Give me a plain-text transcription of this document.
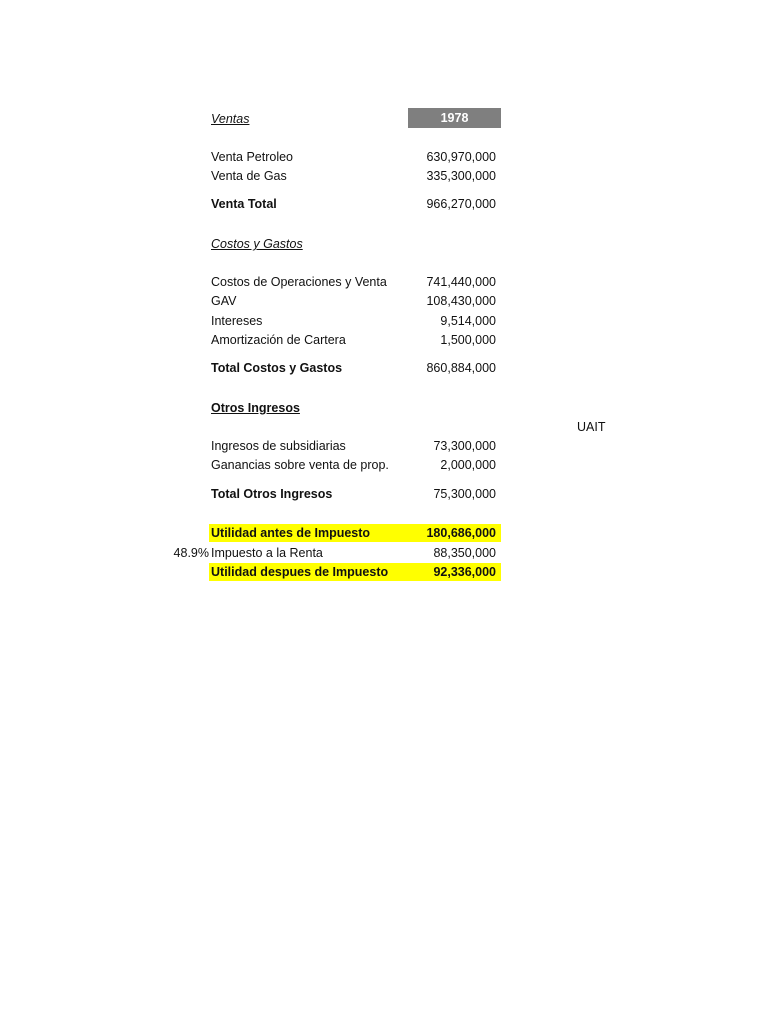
Ventas	1978
Venta Petroleo	630,970,000
Venta de Gas	335,300,000
Venta Total	966,270,000
Costos y Gastos
Costos de Operaciones y Venta	741,440,000
GAV	108,430,000
Intereses	9,514,000
Amortización de Cartera	1,500,000
Total Costos y Gastos	860,884,000
Otros Ingresos
UAIT
Ingresos de subsidiarias	73,300,000
Ganancias sobre venta de prop.	2,000,000
Total Otros Ingresos	75,300,000
Utilidad antes de Impuesto	180,686,000
48.9% Impuesto a la Renta	88,350,000
Utilidad despues de Impuesto	92,336,000
